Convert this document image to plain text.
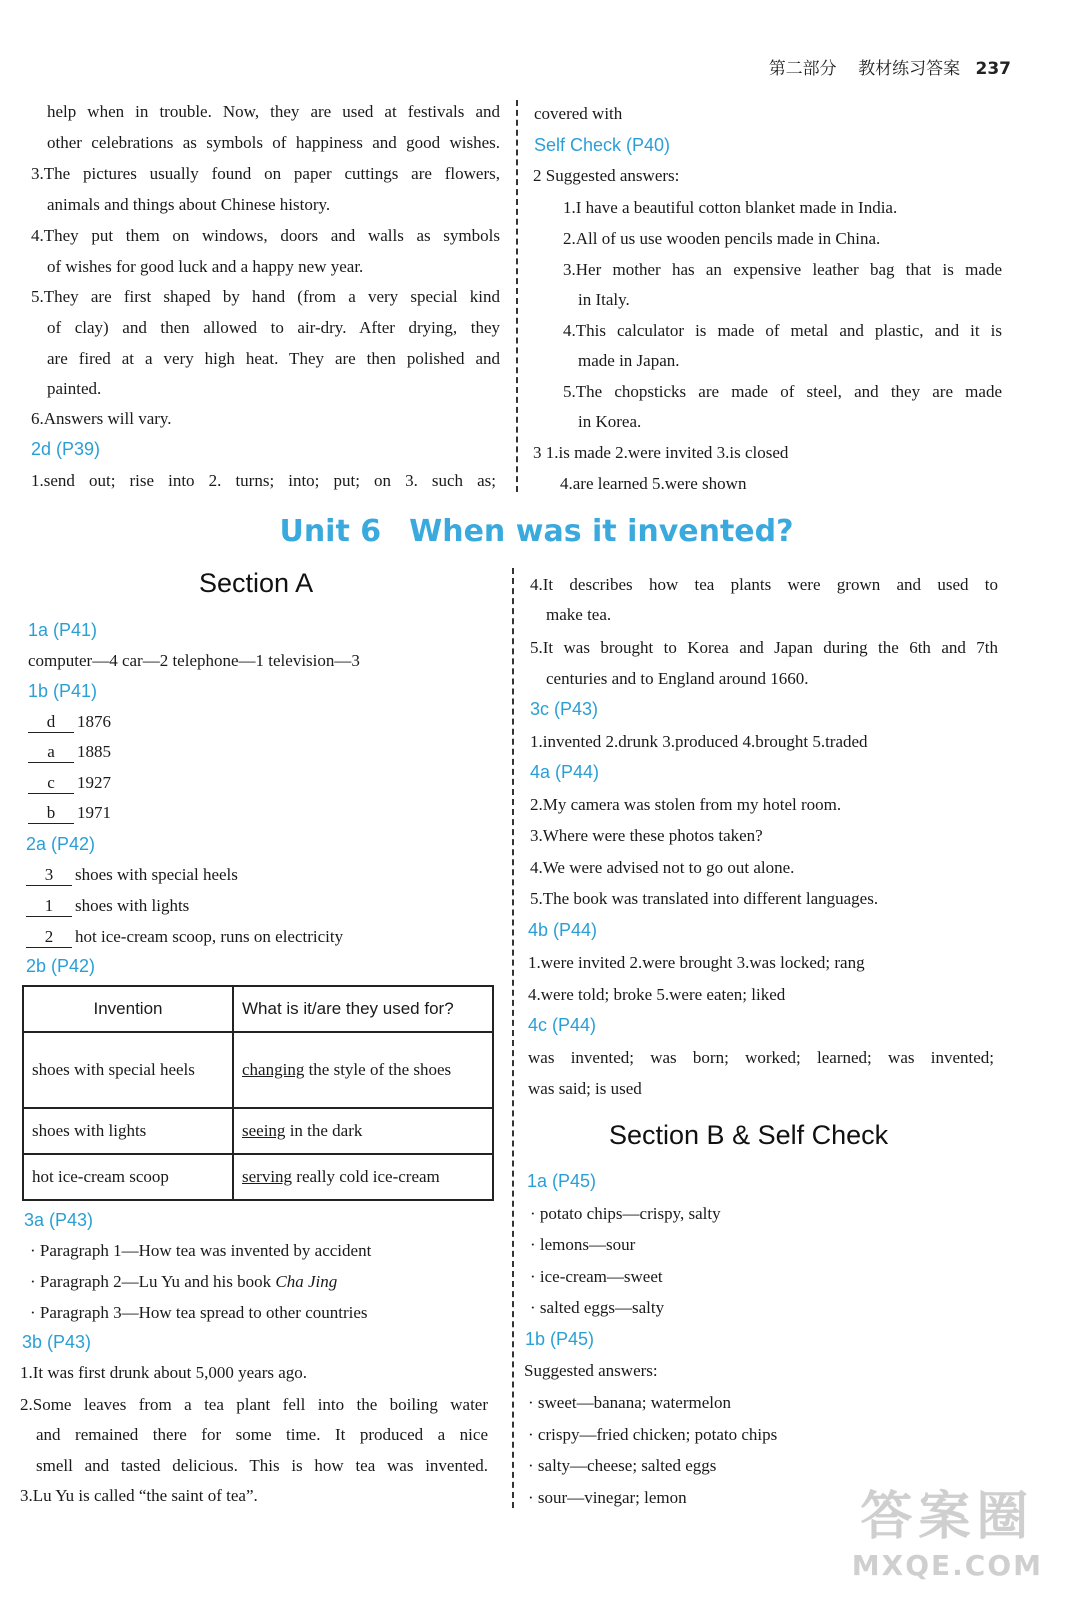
第二部分 教材练习答案 237
help when in trouble. Now, they are used at festivals and
other celebrations as symbols of happiness and good wishes.
3.The pictures usually found on paper cuttings are flowers,
animals and things about Chinese history.
4.They put them on windows, doors and walls as symbols
of wishes for good luck and a happy new year.
5.They are first shaped by hand (from a very special kind
of clay) and then allowed to air-dry. After drying, they
are fired at a very high heat. They are then polished and
painted.
6.Answers will vary.
2d (P39)
1.send out; rise into 2. turns; into; put; on 3. such as;
covered with
Self Check (P40)
2 Suggested answers:
1.I have a beautiful cotton blanket made in India.
2.All of us use wooden pencils made in China.
3.Her mother has an expensive leather bag that is made
in Italy.
4.This calculator is made of metal and plastic, and it is
made in Japan.
5.The chopsticks are made of steel, and they are made
in Korea.
3 1.is made 2.were invited 3.is closed
4.are learned 5.were shown
Unit 6 When was it invented?
Section A
1a (P41)
computer—4 car—2 telephone—1 television—3
1b (P41)
d 1876
a 1885
c 1927
b 1971
2a (P42)
3 shoes with special heels
1 shoes with lights
2 hot ice-cream scoop, runs on electricity
2b (P42)
Invention	What is it/are they used for?
shoes with special heels	changing the style of the shoes
shoes with lights	seeing in the dark
hot ice-cream scoop	serving really cold ice-cream
3a (P43)
· Paragraph 1—How tea was invented by accident
· Paragraph 2—Lu Yu and his book Cha Jing
· Paragraph 3—How tea spread to other countries
3b (P43)
1.It was first drunk about 5,000 years ago.
2.Some leaves from a tea plant fell into the boiling water
and remained there for some time. It produced a nice
smell and tasted delicious. This is how tea was invented.
3.Lu Yu is called “the saint of tea”.
4.It describes how tea plants were grown and used to
make tea.
5.It was brought to Korea and Japan during the 6th and 7th
centuries and to England around 1660.
3c (P43)
1.invented 2.drunk 3.produced 4.brought 5.traded
4a (P44)
2.My camera was stolen from my hotel room.
3.Where were these photos taken?
4.We were advised not to go out alone.
5.The book was translated into different languages.
4b (P44)
1.were invited 2.were brought 3.was locked; rang
4.were told; broke 5.were eaten; liked
4c (P44)
was invented; was born; worked; learned; was invented;
was said; is used
Section B & Self Check
1a (P45)
· potato chips—crispy, salty
· lemons—sour
· ice-cream—sweet
· salted eggs—salty
1b (P45)
Suggested answers:
· sweet—banana; watermelon
· crispy—fried chicken; potato chips
· salty—cheese; salted eggs
· sour—vinegar; lemon	答案圈
MXQE.COM
